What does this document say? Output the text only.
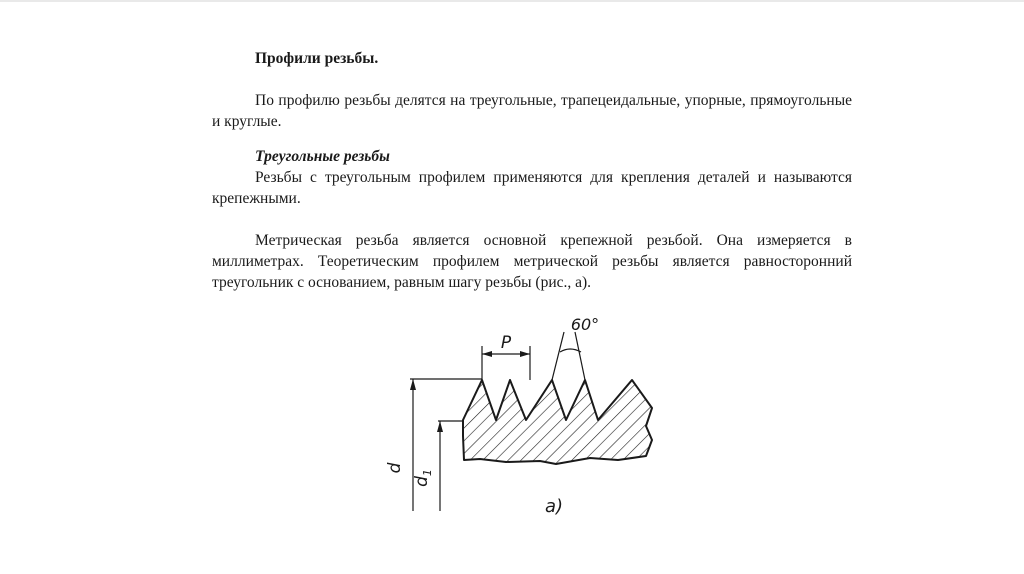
Профили резьбы.

По профилю резьбы делятся на треугольные, трапецеидальные, упорные, прямоугольные и круглые.

Треугольные резьбы

Резьбы с треугольным профилем применяются для крепления деталей и называются крепежными.

Метрическая резьба является основной крепежной резьбой. Она измеряется в миллиметрах. Теоретическим профилем метрической резьбы является равносторонний треугольник с основанием, равным шагу резьбы (рис., а).

d
$d_1$
P
60°
а)
